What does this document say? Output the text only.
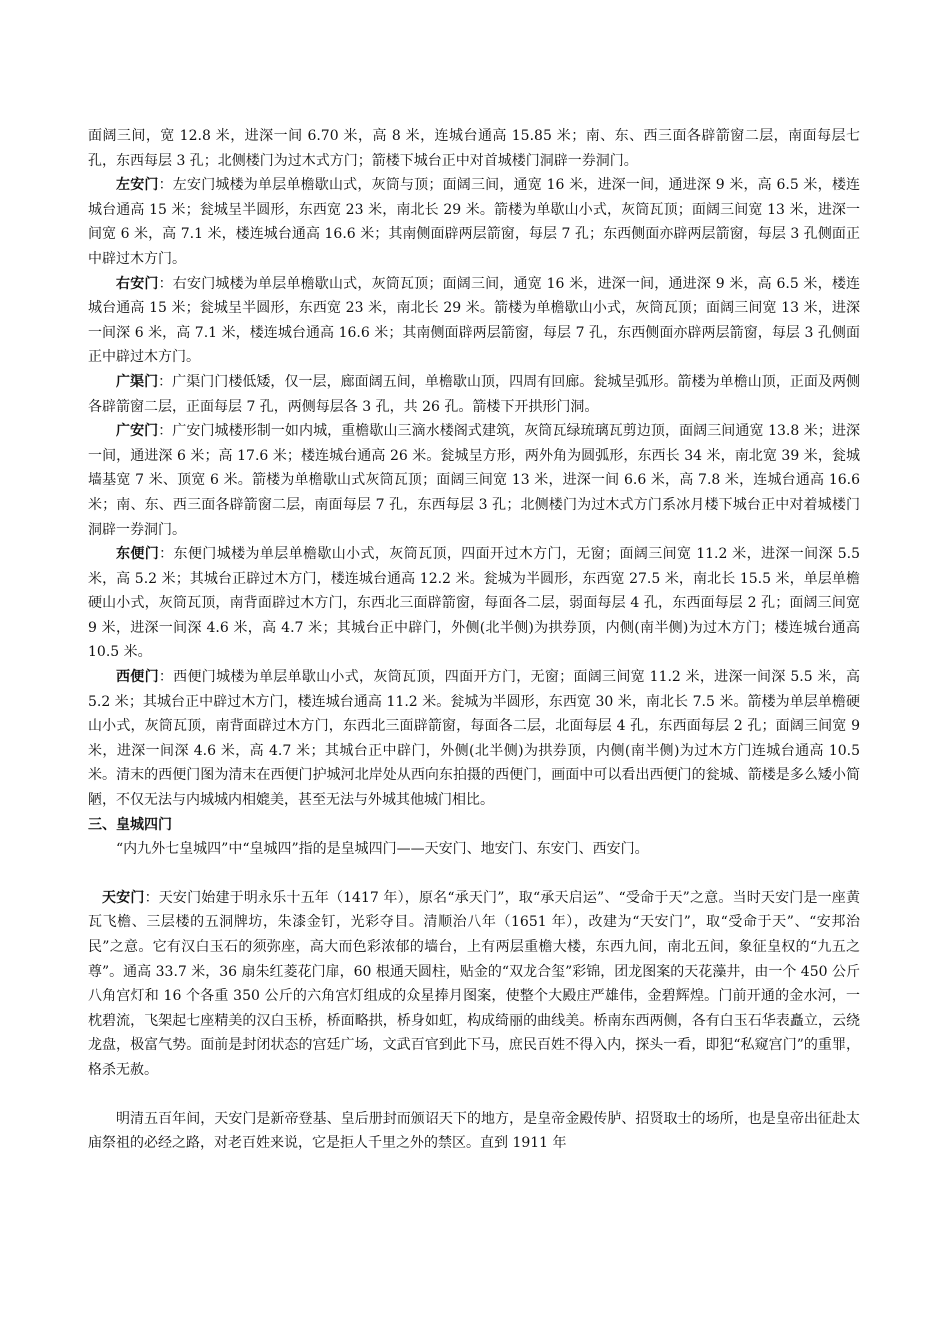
面阔三间，宽 12.8 米，进深一间 6.70 米，高 8 米，连城台通高 15.85 米；南、东、西三面各辟箭窗二层，南面每层七孔，东西每层 3 孔；北侧楼门为过木式方门；箭楼下城台正中对首城楼门洞辟一券洞门。

左安门：左安门城楼为单层单檐歇山式，灰筒与顶；面阔三间，通宽 16 米，进深一间，通进深 9 米，高 6.5 米，楼连城台通高 15 米；瓮城呈半圆形，东西宽 23 米，南北长 29 米。箭楼为单歇山小式，灰筒瓦顶；面阔三间宽 13 米，进深一间宽 6 米，高 7.1 米，楼连城台通高 16.6 米；其南侧面辟两层箭窗，每层 7 孔；东西侧面亦辟两层箭窗，每层 3 孔侧面正中辟过木方门。

右安门：右安门城楼为单层单檐歇山式，灰筒瓦顶；面阔三间，通宽 16 米，进深一间，通进深 9 米，高 6.5 米，楼连城台通高 15 米；瓮城呈半圆形，东西宽 23 米，南北长 29 米。箭楼为单檐歇山小式，灰筒瓦顶；面阔三间宽 13 米，进深一间深 6 米，高 7.1 米，楼连城台通高 16.6 米；其南侧面辟两层箭窗，每层 7 孔，东西侧面亦辟两层箭窗，每层 3 孔侧面正中辟过木方门。

广渠门：广渠门门楼低矮，仅一层，廊面阔五间，单檐歇山顶，四周有回廊。瓮城呈弧形。箭楼为单檐山顶，正面及两侧各辟箭窗二层，正面每层 7 孔，两侧每层各 3 孔，共 26 孔。箭楼下开拱形门洞。

广安门：广安门城楼形制一如内城，重檐歇山三滴水楼阁式建筑，灰筒瓦绿琉璃瓦剪边顶，面阔三间通宽 13.8 米；进深一间，通进深 6 米；高 17.6 米；楼连城台通高 26 米。瓮城呈方形，两外角为圆弧形，东西长 34 米，南北宽 39 米，瓮城墙基宽 7 米、顶宽 6 米。箭楼为单檐歇山式灰筒瓦顶；面阔三间宽 13 米，进深一间 6.6 米，高 7.8 米，连城台通高 16.6 米；南、东、西三面各辟箭窗二层，南面每层 7 孔，东西每层 3 孔；北侧楼门为过木式方门系冰月楼下城台正中对着城楼门洞辟一券洞门。

东便门：东便门城楼为单层单檐歇山小式，灰筒瓦顶，四面开过木方门，无窗；面阔三间宽 11.2 米，进深一间深 5.5 米，高 5.2 米；其城台正辟过木方门，楼连城台通高 12.2 米。瓮城为半圆形，东西宽 27.5 米，南北长 15.5 米，单层单檐硬山小式，灰筒瓦顶，南背面辟过木方门，东西北三面辟箭窗，每面各二层，弱面每层 4 孔，东西面每层 2 孔；面阔三间宽 9 米，进深一间深 4.6 米，高 4.7 米；其城台正中辟门，外侧(北半侧)为拱券顶，内侧(南半侧)为过木方门；楼连城台通高 10.5 米。

西便门：西便门城楼为单层单歇山小式，灰筒瓦顶，四面开方门，无窗；面阔三间宽 11.2 米，进深一间深 5.5 米，高 5.2 米；其城台正中辟过木方门，楼连城台通高 11.2 米。瓮城为半圆形，东西宽 30 米，南北长 7.5 米。箭楼为单层单檐硬山小式，灰筒瓦顶，南背面辟过木方门，东西北三面辟箭窗，每面各二层，北面每层 4 孔，东西面每层 2 孔；面阔三间宽 9 米，进深一间深 4.6 米，高 4.7 米；其城台正中辟门，外侧(北半侧)为拱券顶，内侧(南半侧)为过木方门连城台通高 10.5 米。清末的西便门图为清末在西便门护城河北岸处从西向东拍摄的西便门，画面中可以看出西便门的瓮城、箭楼是多么矮小简陋，不仅无法与内城城内相媲美，甚至无法与外城其他城门相比。

三、皇城四门

“内九外七皇城四”中“皇城四”指的是皇城四门——天安门、地安门、东安门、西安门。

天安门：天安门始建于明永乐十五年（1417 年），原名“承天门”，取“承天启运”、“受命于天”之意。当时天安门是一座黄瓦飞檐、三层楼的五洞牌坊，朱漆金钉，光彩夺目。清顺治八年（1651 年），改建为“天安门”，取“受命于天”、“安邦治民”之意。它有汉白玉石的须弥座，高大而色彩浓郁的墙台，上有两层重檐大楼，东西九间，南北五间，象征皇权的“九五之尊”。通高 33.7 米，36 扇朱红菱花门扉，60 根通天圆柱，贴金的“双龙合玺”彩锦，团龙图案的天花藻井，由一个 450 公斤八角宫灯和 16 个各重 350 公斤的六角宫灯组成的众星捧月图案，使整个大殿庄严雄伟，金碧辉煌。门前开通的金水河，一枕碧流，飞架起七座精美的汉白玉桥，桥面略拱，桥身如虹，构成绮丽的曲线美。桥南东西两侧，各有白玉石华表矗立，云绕龙盘，极富气势。面前是封闭状态的宫廷广场，文武百官到此下马，庶民百姓不得入内，探头一看，即犯“私窥宫门”的重罪，格杀无赦。

明清五百年间，天安门是新帝登基、皇后册封而颁诏天下的地方，是皇帝金殿传胪、招贤取士的场所，也是皇帝出征赴太庙祭祖的必经之路，对老百姓来说，它是拒人千里之外的禁区。直到 1911 年
